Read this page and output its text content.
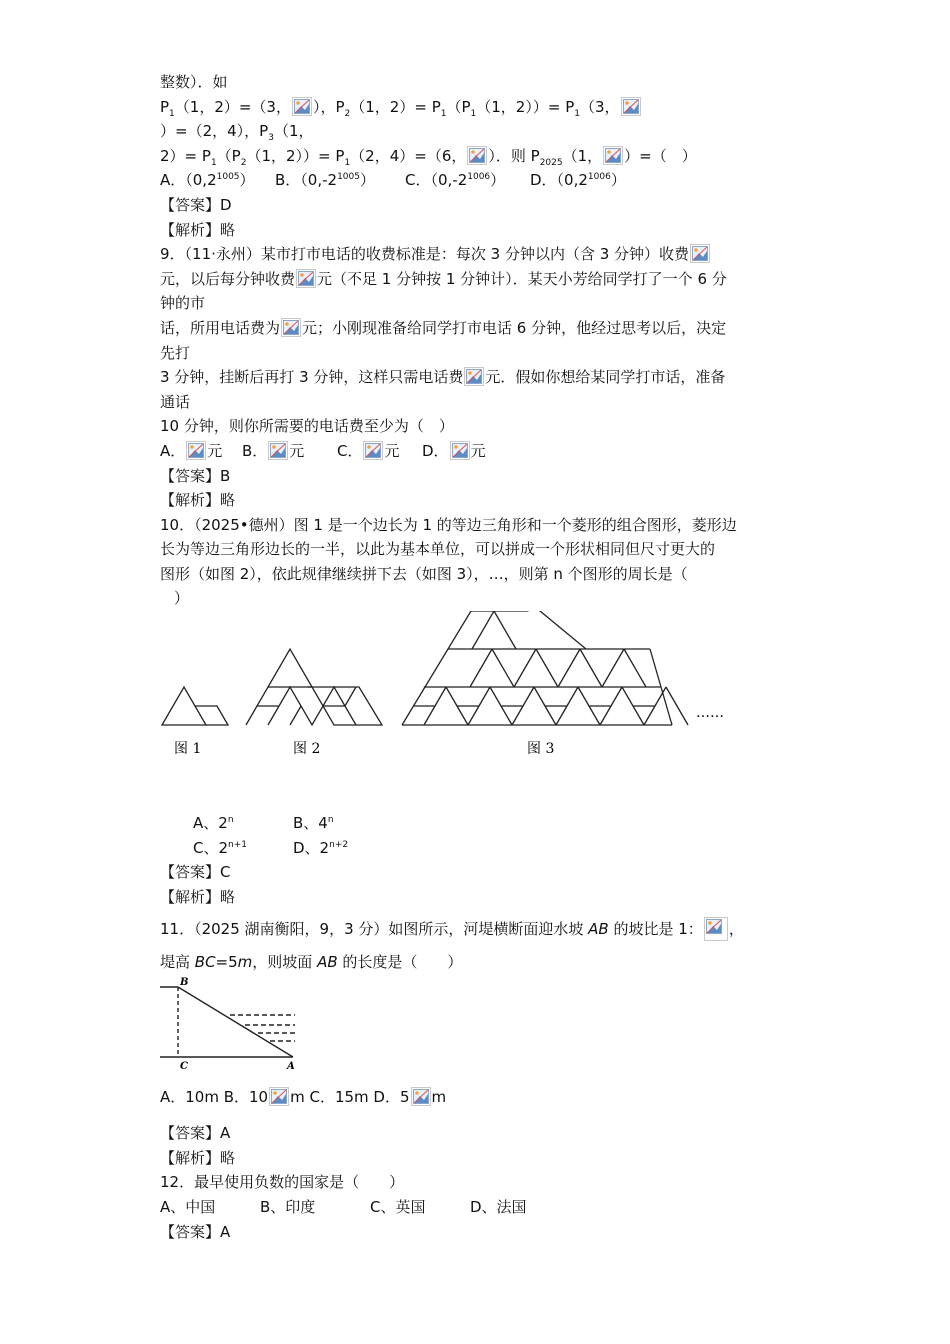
整数）．如
$P_1(1$，2）=（3， ），$P_2(1$，$2)= P_1(P_1(1$，$2))= P_1(3$，
）=（2，4），$P_3(1$，
$2)= P_1(P_2(1$，$2))= P_1(2$，4）=（6， ）．则 $P_{2025}(1$， ）=（　）
A．$(0,2^{1005})$ B．$(0,-2^{1005})$ C．$(0,-2^{1006})$ D．$(0,2^{1006})$
【答案】D
【解析】略
9．（11·永州）某市打市电话的收费标准是：每次 3 分钟以内（含 3 分钟）收费
元，以后每分钟收费 元（不足 1 分钟按 1 分钟计）．某天小芳给同学打了一个 6 分
钟的市
话，所用电话费为 元；小刚现准备给同学打市电话 6 分钟，他经过思考以后，决定
先打
3 分钟，挂断后再打 3 分钟，这样只需电话费 元．假如你想给某同学打市话，准备
通话
10 分钟，则你所需要的电话费至少为（　）
A． 元 B． 元 C． 元 D． 元
【答案】B
【解析】略
10．（2025•德州）图 1 是一个边长为 1 的等边三角形和一个菱形的组合图形，菱形边
长为等边三角形边长的一半，以此为基本单位，可以拼成一个形状相同但尺寸更大的
图形（如图 2），依此规律继续拼下去（如图 3），…，则第 n 个图形的周长是（
）
图 1	图 2	图 3
……
A、2$^n$	B、4$^n$
C、$2^{n+1}$	D、$2^{n+2}$
【答案】C
【解析】略
11．（2025 湖南衡阳，9，3 分）如图所示，河堤横断面迎水坡 AB 的坡比是 1： ，
堤高 BC=5m，则坡面 AB 的长度是（　　）
B
C	A
A．10m B．10 m C．15m D．5 m
【答案】A
【解析】略
12．最早使用负数的国家是（　　）
A、中国	B、印度	C、英国	D、法国
【答案】A
